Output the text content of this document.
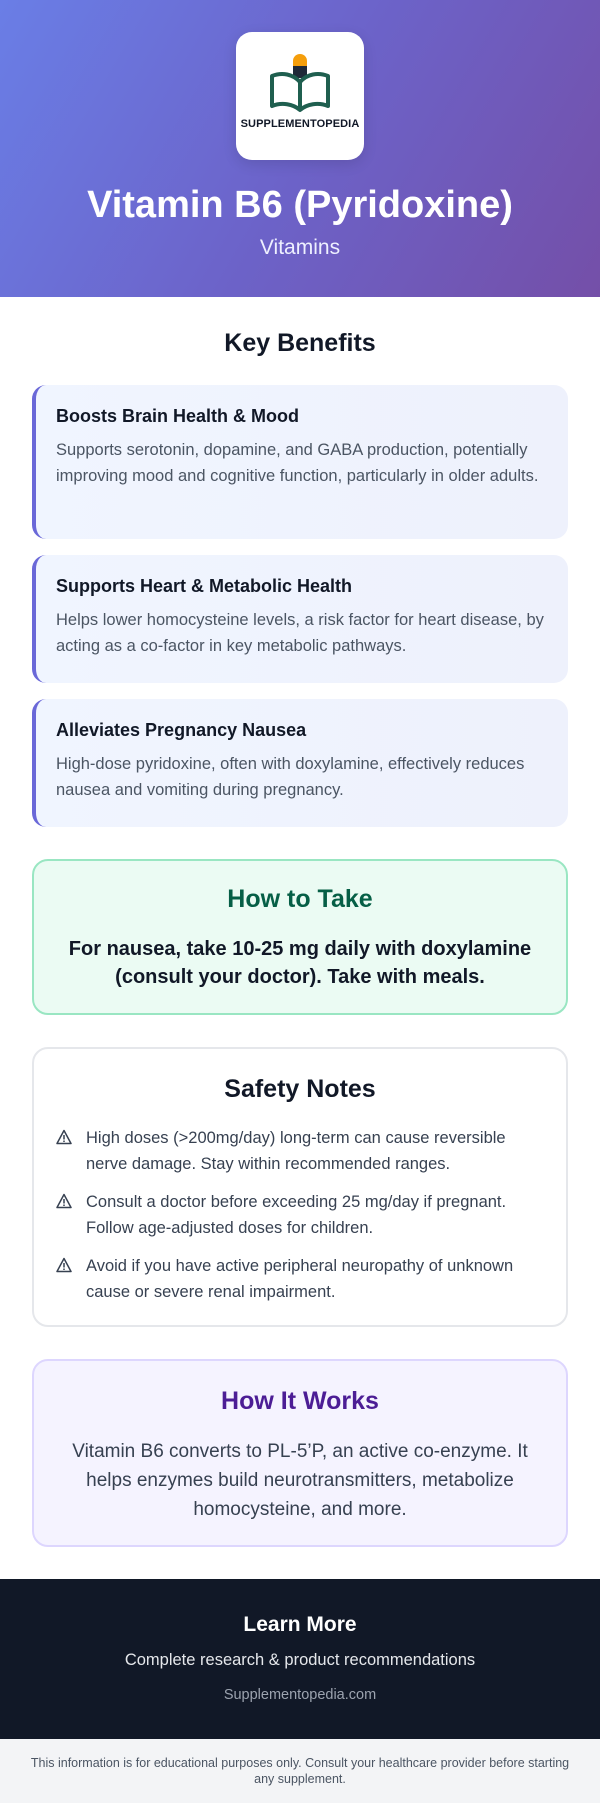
SUPPLEMENTOPEDIA
Vitamin B6 (Pyridoxine)
Vitamins
Key Benefits
Boosts Brain Health & Mood

Supports serotonin, dopamine, and GABA production, potentially improving mood and cognitive function, particularly in older adults.

Supports Heart & Metabolic Health

Helps lower homocysteine levels, a risk factor for heart disease, by acting as a co-factor in key metabolic pathways.

Alleviates Pregnancy Nausea

High-dose pyridoxine, often with doxylamine, effectively reduces nausea and vomiting during pregnancy.

How to Take

For nausea, take 10-25 mg daily with doxylamine (consult your doctor). Take with meals.

Safety Notes

High doses (>200mg/day) long-term can cause reversible nerve damage. Stay within recommended ranges.

Consult a doctor before exceeding 25 mg/day if pregnant. Follow age-adjusted doses for children.

Avoid if you have active peripheral neuropathy of unknown cause or severe renal impairment.

How It Works

Vitamin B6 converts to PL-5’P, an active co-enzyme. It helps enzymes build neurotransmitters, metabolize homocysteine, and more.

Learn More
Complete research & product recommendations
Supplementopedia.com
This information is for educational purposes only. Consult your healthcare provider before starting any supplement.
